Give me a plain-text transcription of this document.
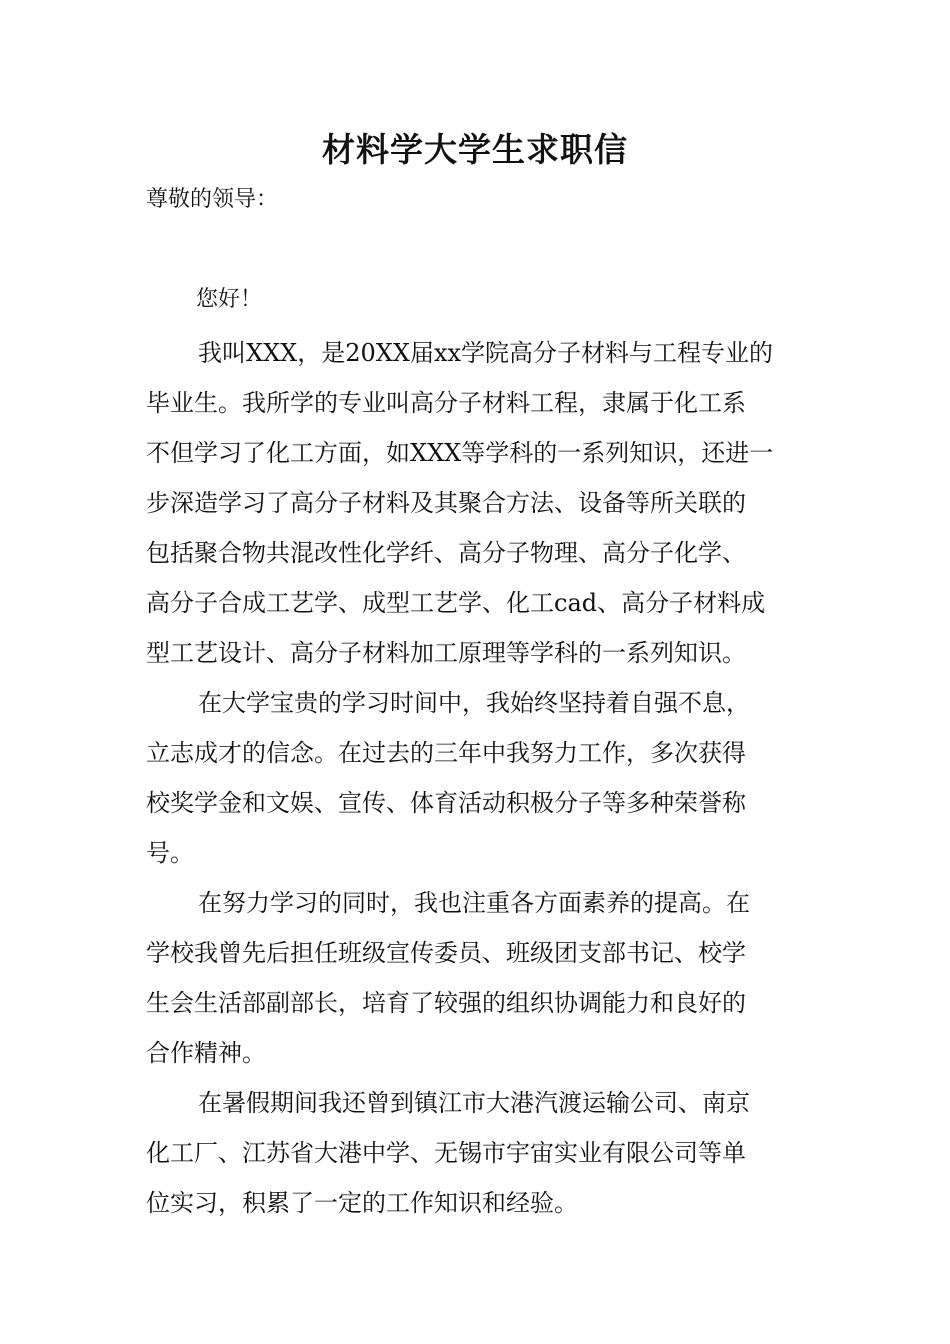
材料学大学生求职信

尊敬的领导：

您好！

我叫XXX，是20XX届xx学院高分子材料与工程专业的
毕业生。我所学的专业叫高分子材料工程，隶属于化工系
不但学习了化工方面，如XXX等学科的一系列知识，还进一
步深造学习了高分子材料及其聚合方法、设备等所关联的
包括聚合物共混改性化学纤、高分子物理、高分子化学、
高分子合成工艺学、成型工艺学、化工cad、高分子材料成
型工艺设计、高分子材料加工原理等学科的一系列知识。
在大学宝贵的学习时间中，我始终坚持着自强不息，
立志成才的信念。在过去的三年中我努力工作，多次获得
校奖学金和文娱、宣传、体育活动积极分子等多种荣誉称
号。
在努力学习的同时，我也注重各方面素养的提高。在
学校我曾先后担任班级宣传委员、班级团支部书记、校学
生会生活部副部长，培育了较强的组织协调能力和良好的
合作精神。
在暑假期间我还曾到镇江市大港汽渡运输公司、南京
化工厂、江苏省大港中学、无锡市宇宙实业有限公司等单
位实习，积累了一定的工作知识和经验。
